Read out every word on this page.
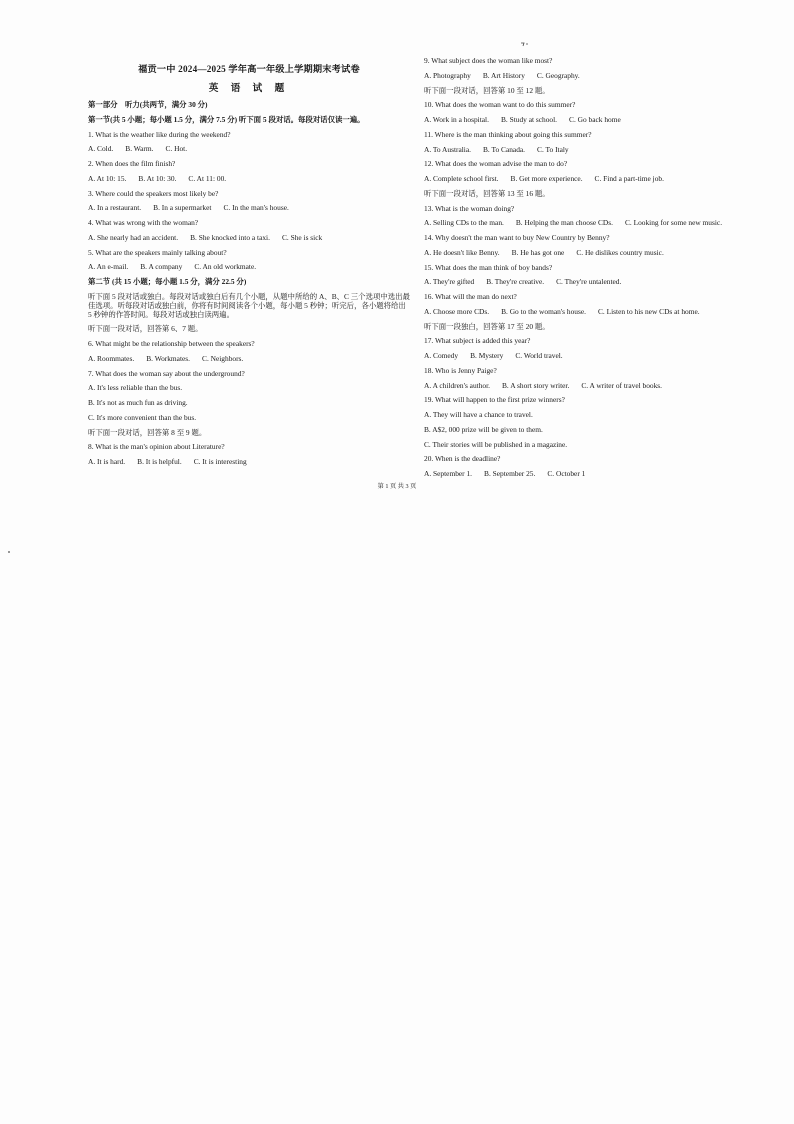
福贡一中 2024—2025 学年高一年级上学期期末考试卷
英 语 试 题
第一部分　听力(共两节，满分 30 分)
第一节(共 5 小题；每小题 1.5 分，满分 7.5 分) 听下面 5 段对话。每段对话仅读一遍。
1. What is the weather like during the weekend?
A. Cold. B. Warm. C. Hot.
2. When does the film finish?
A. At 10: 15. B. At 10: 30. C. At 11: 00.
3. Where could the speakers most likely be?
A. In a restaurant. B. In a supermarket C. In the man's house.
4. What was wrong with the woman?
A. She nearly had an accident. B. She knocked into a taxi. C. She is sick
5. What are the speakers mainly talking about?
A. An e-mail. B. A company C. An old workmate.
第二节 (共 15 小题；每小题 1.5 分，满分 22.5 分)
听下面 5 段对话或独白。每段对话或独白后有几个小题，从题中所给的 A、B、C 三个选项中选出最佳选项。听每段对话或独白前，你将有时间阅读各个小题，每小题 5 秒钟；听完后，各小题将给出 5 秒钟的作答时间。每段对话或独白读两遍。
听下面一段对话，回答第 6、7 题。
6. What might be the relationship between the speakers?
A. Roommates. B. Workmates. C. Neighbors.
7. What does the woman say about the underground?
A. It's less reliable than the bus.
B. It's not as much fun as driving.
C. It's more convenient than the bus.
听下面一段对话，回答第 8 至 9 题。
8. What is the man's opinion about Literature?
A. It is hard. B. It is helpful. C. It is interesting
9. What subject does the woman like most?
A. Photography B. Art History C. Geography.
听下面一段对话，回答第 10 至 12 题。
10. What does the woman want to do this summer?
A. Work in a hospital. B. Study at school. C. Go back home
11. Where is the man thinking about going this summer?
A. To Australia. B. To Canada. C. To Italy
12. What does the woman advise the man to do?
A. Complete school first. B. Get more experience. C. Find a part-time job.
听下面一段对话，回答第 13 至 16 题。
13. What is the woman doing?
A. Selling CDs to the man. B. Helping the man choose CDs. C. Looking for some new music.
14. Why doesn't the man want to buy New Country by Benny?
A. He doesn't like Benny. B. He has got one C. He dislikes country music.
15. What does the man think of boy bands?
A. They're gifted B. They're creative. C. They're untalented.
16. What will the man do next?
A. Choose more CDs. B. Go to the woman's house. C. Listen to his new CDs at home.
听下面一段独白，回答第 17 至 20 题。
17. What subject is added this year?
A. Comedy B. Mystery C. World travel.
18. Who is Jenny Paige?
A. A children's author. B. A short story writer. C. A writer of travel books.
19. What will happen to the first prize winners?
A. They will have a chance to travel.
B. A$2, 000 prize will be given to them.
C. Their stories will be published in a magazine.
20. When is the deadline?
A. September 1. B. September 25. C. October 1
第 1 页 共 3 页
